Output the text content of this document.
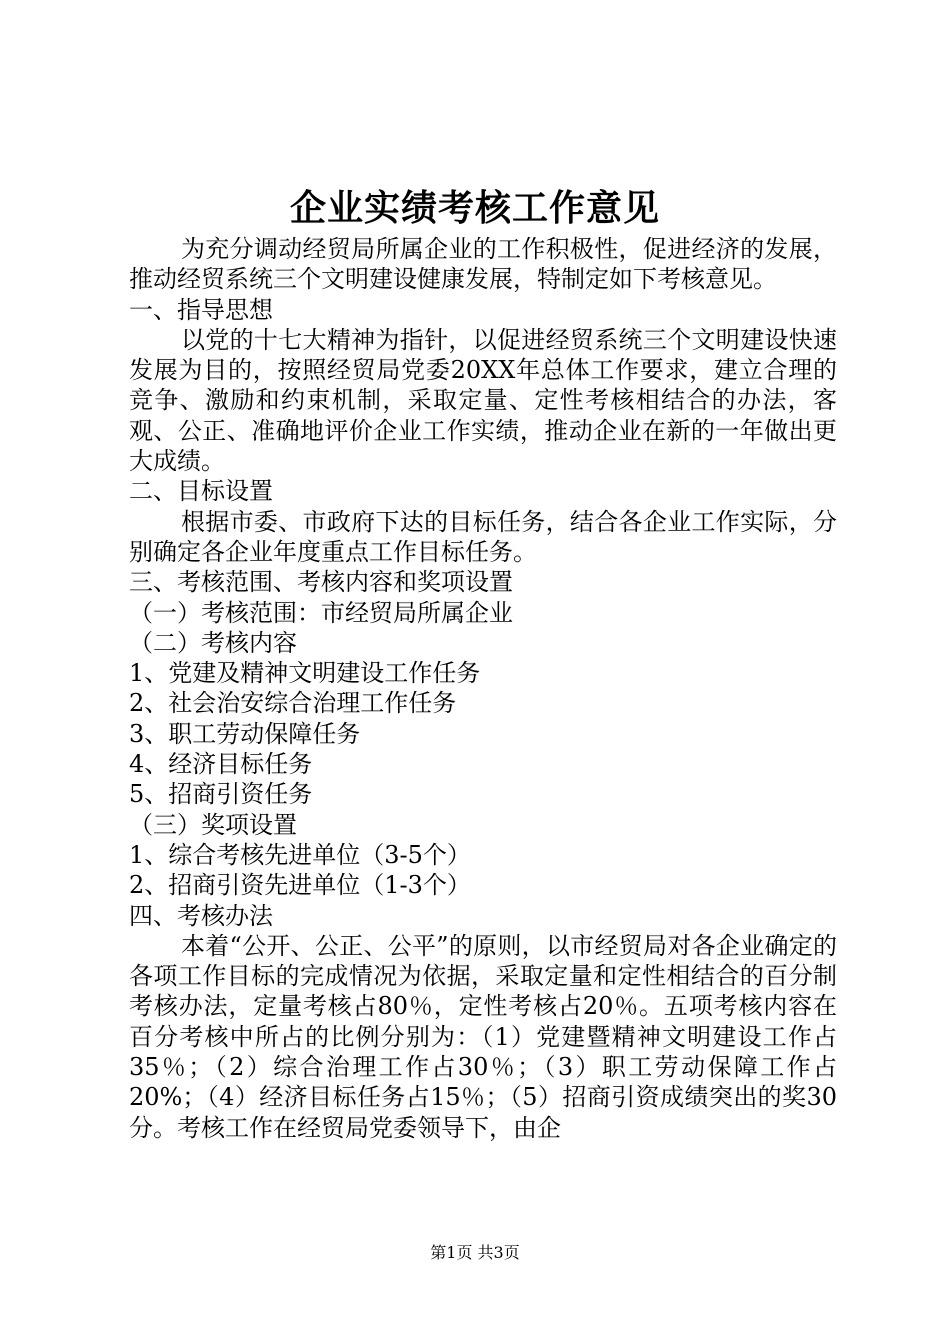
企业实绩考核工作意见

为充分调动经贸局所属企业的工作积极性，促进经济的发展，推动经贸系统三个文明建设健康发展，特制定如下考核意见。

一、指导思想

以党的十七大精神为指针，以促进经贸系统三个文明建设快速发展为目的，按照经贸局党委20XX年总体工作要求，建立合理的竞争、激励和约束机制，采取定量、定性考核相结合的办法，客观、公正、准确地评价企业工作实绩，推动企业在新的一年做出更大成绩。

二、目标设置

根据市委、市政府下达的目标任务，结合各企业工作实际，分别确定各企业年度重点工作目标任务。

三、考核范围、考核内容和奖项设置

（一）考核范围：市经贸局所属企业

（二）考核内容

1、党建及精神文明建设工作任务

2、社会治安综合治理工作任务

3、职工劳动保障任务

4、经济目标任务

5、招商引资任务

（三）奖项设置

1、综合考核先进单位（3-5个）

2、招商引资先进单位（1-3个）

四、考核办法

本着“公开、公正、公平”的原则，以市经贸局对各企业确定的各项工作目标的完成情况为依据，采取定量和定性相结合的百分制考核办法，定量考核占80％，定性考核占20％。五项考核内容在百分考核中所占的比例分别为：（1）党建暨精神文明建设工作占35％；（2）综合治理工作占30％；（3）职工劳动保障工作占20%；（4）经济目标任务占15％；（5）招商引资成绩突出的奖30分。考核工作在经贸局党委领导下，由企

第1页 共3页
